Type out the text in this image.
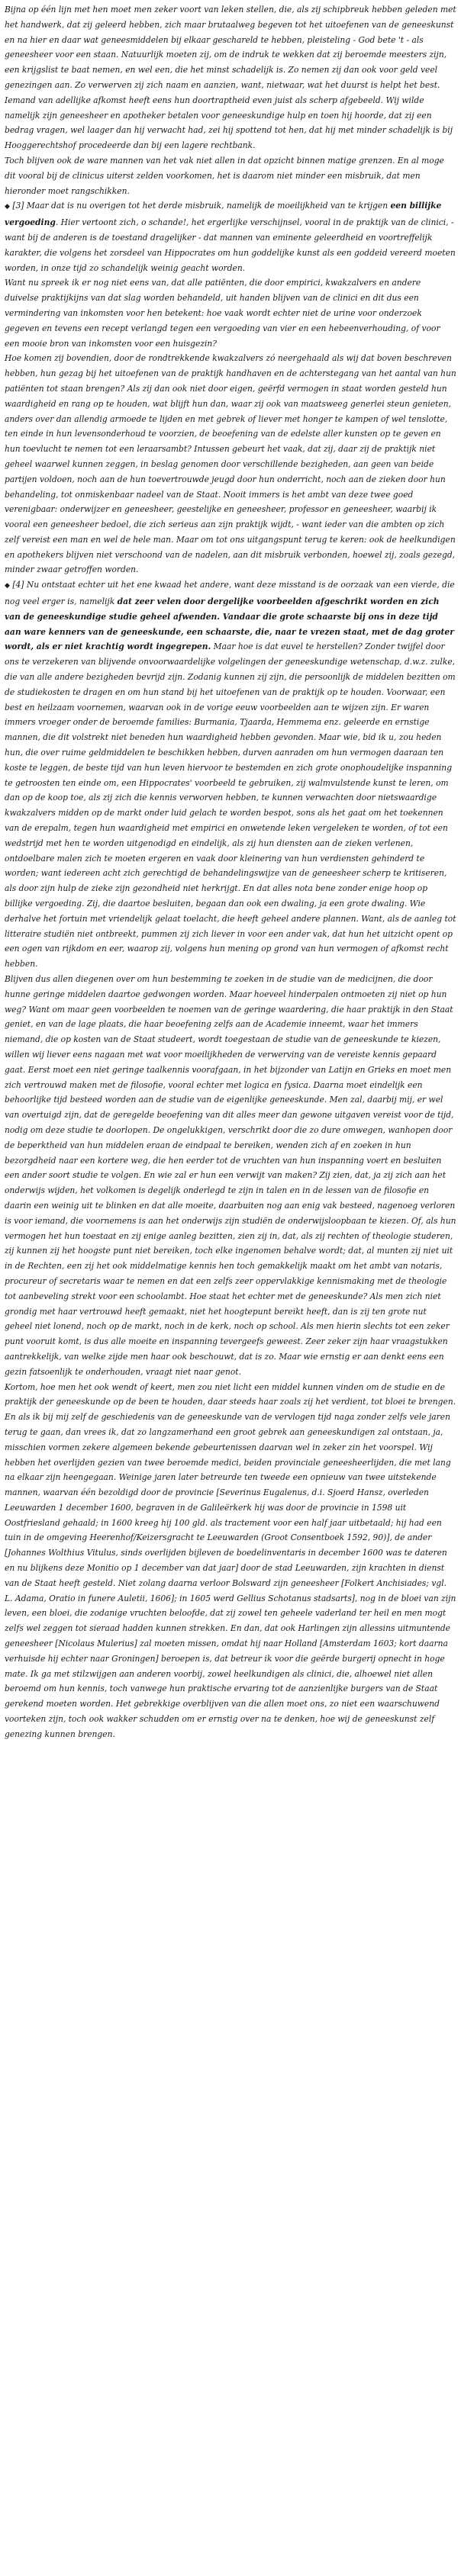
Bijna op één lijn met hen moet men zeker voort van leken stellen, die, als zij schipbreuk hebben geleden met het handwerk, dat zij geleerd hebben, zich maar brutaalweg begeven tot het uitoefenen van de geneeskunst en na hier en daar wat geneesmiddelen bij elkaar geschareld te hebben, pleisteling - God bete 't - als geneesheer voor een staan. Natuurlijk moeten zij, om de indruk te wekken dat zij beroemde meesters zijn, een krijgslist te baat nemen, en wel een, die het minst schadelijk is. Zo nemen zij dan ook voor geld veel genezingen aan. Zo verwerven zij zich naam en aanzien, want, nietwaar, wat het duurst is helpt het best. Iemand van adellijke afkomst heeft eens hun doortraptheid even juist als scherp afgebeeld. Wij wilde namelijk zijn geneesheer en apotheker betalen voor geneeskundige hulp en toen hij hoorde, dat zij een bedrag vragen, wel laager dan hij verwacht had, zei hij spottend tot hen, dat hij met minder schadelijk is bij Hooggerechtshof procedeerde dan bij een lagere rechtbank.

Toch blijven ook de ware mannen van het vak niet allen in dat opzicht binnen matige grenzen. En al moge dit vooral bij de clinicus uiterst zelden voorkomen, het is daarom niet minder een misbruik, dat men hieronder moet rangschikken.

◆ [3] Maar dat is nu overigen tot het derde misbruik, namelijk de moeilijkheid van te krijgen een billijke vergoeding. Hier vertoont zich, o schande!, het ergerlijke verschijnsel, vooral in de praktijk van de clinici, - want bij de anderen is de toestand dragelijker - dat mannen van eminente geleerdheid en voortreffelijk karakter, die volgens het zorsdeel van Hippocrates om hun goddelijke kunst als een goddeid vereerd moeten worden, in onze tijd zo schandelijk weinig geacht worden.

Want nu spreek ik er nog niet eens van, dat alle patiënten, die door empirici, kwakzalvers en andere duivelse praktijkijns van dat slag worden behandeld, uit handen blijven van de clinici en dit dus een vermindering van inkomsten voor hen betekent: hoe vaak wordt echter niet de urine voor onderzoek gegeven en tevens een recept verlangd tegen een vergoeding van vier en een hebeenverhouding, of voor een mooie bron van inkomsten voor een huisgezin?

Hoe komen zij bovendien, door de rondtrekkende kwakzalvers zó neergehaald als wij dat boven beschreven hebben, hun gezag bij het uitoefenen van de praktijk handhaven en de achterstegang van het aantal van hun patiënten tot staan brengen? Als zij dan ook niet door eigen, geërfd vermogen in staat worden gesteld hun waardigheid en rang op te houden, wat blijft hun dan, waar zij ook van maatsweeg generlei steun genieten, anders over dan allendig armoede te lijden en met gebrek of liever met honger te kampen of wel tenslotte, ten einde in hun levensonderhoud te voorzien, de beoefening van de edelste aller kunsten op te geven en hun toevlucht te nemen tot een leraarsambt? Intussen gebeurt het vaak, dat zij, daar zij de praktijk niet geheel waarwel kunnen zeggen, in beslag genomen door verschillende bezigheden, aan geen van beide partijen voldoen, noch aan de hun toevertrouwde jeugd door hun onderricht, noch aan de zieken door hun behandeling, tot onmiskenbaar nadeel van de Staat. Nooit immers is het ambt van deze twee goed verenigbaar: onderwijzer en geneesheer, geestelijke en geneesheer, professor en geneesheer, waarbij ik vooral een geneesheer bedoel, die zich serieus aan zijn praktijk wijdt, - want ieder van die ambten op zich zelf vereist een man en wel de hele man. Maar om tot ons uitgangspunt terug te keren: ook de heelkundigen en apothekers blijven niet verschoond van de nadelen, aan dit misbruik verbonden, hoewel zij, zoals gezegd, minder zwaar getroffen worden.

◆ [4] Nu ontstaat echter uit het ene kwaad het andere, want deze misstand is de oorzaak van een vierde, die nog veel erger is, namelijk dat zeer velen door dergelijke voorbeelden afgeschrikt worden en zich van de geneeskundige studie geheel afwenden. Vandaar die grote schaarste bij ons in deze tijd aan ware kenners van de geneeskunde, een schaarste, die, naar te vrezen staat, met de dag groter wordt, als er niet krachtig wordt ingegrepen. Maar hoe is dat euvel te herstellen? Zonder twijfel door ons te verzekeren van blijvende onvoorwaardelijke volgelingen der geneeskundige wetenschap, d.w.z. zulke, die van alle andere bezigheden bevrijd zijn. Zodanig kunnen zij zijn, die persoonlijk de middelen bezitten om de studiekosten te dragen en om hun stand bij het uitoefenen van de praktijk op te houden. Voorwaar, een best en heilzaam voornemen, waarvan ook in de vorige eeuw voorbeelden aan te wijzen zijn. Er waren immers vroeger onder de beroemde families: Burmania, Tjaarda, Hemmema enz. geleerde en ernstige mannen, die dit volstrekt niet beneden hun waardigheid hebben gevonden. Maar wie, bid ik u, zou heden hun, die over ruime geldmiddelen te beschikken hebben, durven aanraden om hun vermogen daaraan ten koste te leggen, de beste tijd van hun leven hiervoor te bestemden en zich grote onophoudelijke inspanning te getroosten ten einde om, een Hippocrates' voorbeeld te gebruiken, zij walmvulstende kunst te leren, om dan op de koop toe, als zij zich die kennis verworven hebben, te kunnen verwachten door nietswaardige kwakzalvers midden op de markt onder luid gelach te worden bespot, sons als het gaat om het toekennen van de erepalm, tegen hun waardigheid met empirici en onwetende leken vergeleken te worden, of tot een wedstrijd met hen te worden uitgenodigd en eindelijk, als zij hun diensten aan de zieken verlenen, ontdoelbare malen zich te moeten ergeren en vaak door kleinering van hun verdiensten gehinderd te worden; want iedereen acht zich gerechtigd de behandelingswijze van de geneesheer scherp te kritiseren, als door zijn hulp de zieke zijn gezondheid niet herkrijgt. En dat alles nota bene zonder enige hoop op billijke vergoeding. Zij, die daartoe besluiten, begaan dan ook een dwaling, ja een grote dwaling. Wie derhalve het fortuin met vriendelijk gelaat toelacht, die heeft geheel andere plannen. Want, als de aanleg tot litteraire studiën niet ontbreekt, pummen zij zich liever in voor een ander vak, dat hun het uitzicht opent op een ogen van rijkdom en eer, waarop zij, volgens hun mening op grond van hun vermogen of afkomst recht hebben.

Blijven dus allen diegenen over om hun bestemming te zoeken in de studie van de medicijnen, die door hunne geringe middelen daartoe gedwongen worden. Maar hoeveel hinderpalen ontmoeten zij niet op hun weg? Want om maar geen voorbeelden te noemen van de geringe waardering, die haar praktijk in den Staat geniet, en van de lage plaats, die haar beoefening zelfs aan de Academie inneemt, waar het immers niemand, die op kosten van de Staat studeert, wordt toegestaan de studie van de geneeskunde te kiezen, willen wij liever eens nagaan met wat voor moeilijkheden de verwerving van de vereiste kennis gepaard gaat. Eerst moet een niet geringe taalkennis voorafgaan, in het bijzonder van Latijn en Grieks en moet men zich vertrouwd maken met de filosofie, vooral echter met logica en fysica. Daarna moet eindelijk een behoorlijke tijd besteed worden aan de studie van de eigenlijke geneeskunde. Men zal, daarbij mij, er wel van overtuigd zijn, dat de geregelde beoefening van dit alles meer dan gewone uitgaven vereist voor de tijd, nodig om deze studie te doorlopen. De ongelukkigen, verschrikt door die zo dure omwegen, wanhopen door de beperktheid van hun middelen eraan de eindpaal te bereiken, wenden zich af en zoeken in hun bezorgdheid naar een kortere weg, die hen eerder tot de vruchten van hun inspanning voert en besluiten een ander soort studie te volgen. En wie zal er hun een verwijt van maken? Zij zien, dat, ja zij zich aan het onderwijs wijden, het volkomen is degelijk onderlegd te zijn in talen en in de lessen van de filosofie en daarin een weinig uit te blinken en dat alle moeite, daarbuiten nog aan enig vak besteed, nagenoeg verloren is voor iemand, die voornemens is aan het onderwijs zijn studiën de onderwijsloopbaan te kiezen. Of, als hun vermogen het hun toestaat en zij enige aanleg bezitten, zien zij in, dat, als zij rechten of theologie studeren, zij kunnen zij het hoogste punt niet bereiken, toch elke ingenomen behalve wordt; dat, al munten zij niet uit in de Rechten, een zij het ook middelmatige kennis hen toch gemakkelijk maakt om het ambt van notaris, procureur of secretaris waar te nemen en dat een zelfs zeer oppervlakkige kennismaking met de theologie tot aanbeveling strekt voor een schoolambt. Hoe staat het echter met de geneeskunde? Als men zich niet grondig met haar vertrouwd heeft gemaakt, niet het hoogtepunt bereikt heeft, dan is zij ten grote nut geheel niet lonend, noch op de markt, noch in de kerk, noch op school. Als men hierin slechts tot een zeker punt vooruit komt, is dus alle moeite en inspanning tevergeefs geweest. Zeer zeker zijn haar vraagstukken aantrekkelijk, van welke zijde men haar ook beschouwt, dat is zo. Maar wie ernstig er aan denkt eens een gezin fatsoenlijk te onderhouden, vraagt niet naar genot.

Kortom, hoe men het ook wendt of keert, men zou niet licht een middel kunnen vinden om de studie en de praktijk der geneeskunde op de been te houden, daar steeds haar zoals zij het verdient, tot bloei te brengen. En als ik bij mij zelf de geschiedenis van de geneeskunde van de vervlogen tijd naga zonder zelfs vele jaren terug te gaan, dan vrees ik, dat zo langzamerhand een groot gebrek aan geneeskundigen zal ontstaan, ja, misschien vormen zekere algemeen bekende gebeurtenissen daarvan wel in zeker zin het voorspel. Wij hebben het overlijden gezien van twee beroemde medici, beiden provinciale geneesheerlijden, die met lang na elkaar zijn heengegaan. Weinige jaren later betreurde ten tweede een opnieuw van twee uitstekende mannen, waarvan één bezoldigd door de provincie [Severinus Eugalenus, d.i. Sjoerd Hansz, overleden Leeuwarden 1 december 1600, begraven in de Galileërkerk hij was door de provincie in 1598 uit Oostfriesland gehaald; in 1600 kreeg hij 100 gld. als tractement voor een half jaar uitbetaald; hij had een tuin in de omgeving Heerenhof/Keizersgracht te Leeuwarden (Groot Consentboek 1592, 90)], de ander [Johannes Wolthius Vitulus, sinds overlijden bijleven de boedelinventaris in december 1600 was te dateren en nu blijkens deze Monitio op 1 december van dat jaar] door de stad Leeuwarden, zijn krachten in dienst van de Staat heeft gesteld. Niet zolang daarna verloor Bolsward zijn geneesheer [Folkert Anchisiades; vgl. L. Adama, Oratio in funere Auletii, 1606]; in 1605 werd Gellius Schotanus stadsarts], nog in de bloei van zijn leven, een bloei, die zodanige vruchten beloofde, dat zij zowel ten geheele vaderland ter heil en men mogt zelfs wel zeggen tot sieraad hadden kunnen strekken. En dan, dat ook Harlingen zijn allessins uitmuntende geneesheer [Nicolaus Mulerius] zal moeten missen, omdat hij naar Holland [Amsterdam 1603; kort daarna verhuisde hij echter naar Groningen] beroepen is, dat betreur ik voor die geërde burgerij opnecht in hoge mate. Ik ga met stilzwijgen aan anderen voorbij, zowel heelkundigen als clinici, die, alhoewel niet allen beroemd om hun kennis, toch vanwege hun praktische ervaring tot de aanzienlijke burgers van de Staat gerekend moeten worden. Het gebrekkige overblijven van die allen moet ons, zo niet een waarschuwend voorteken zijn, toch ook wakker schudden om er ernstig over na te denken, hoe wij de geneeskunst zelf genezing kunnen brengen.
